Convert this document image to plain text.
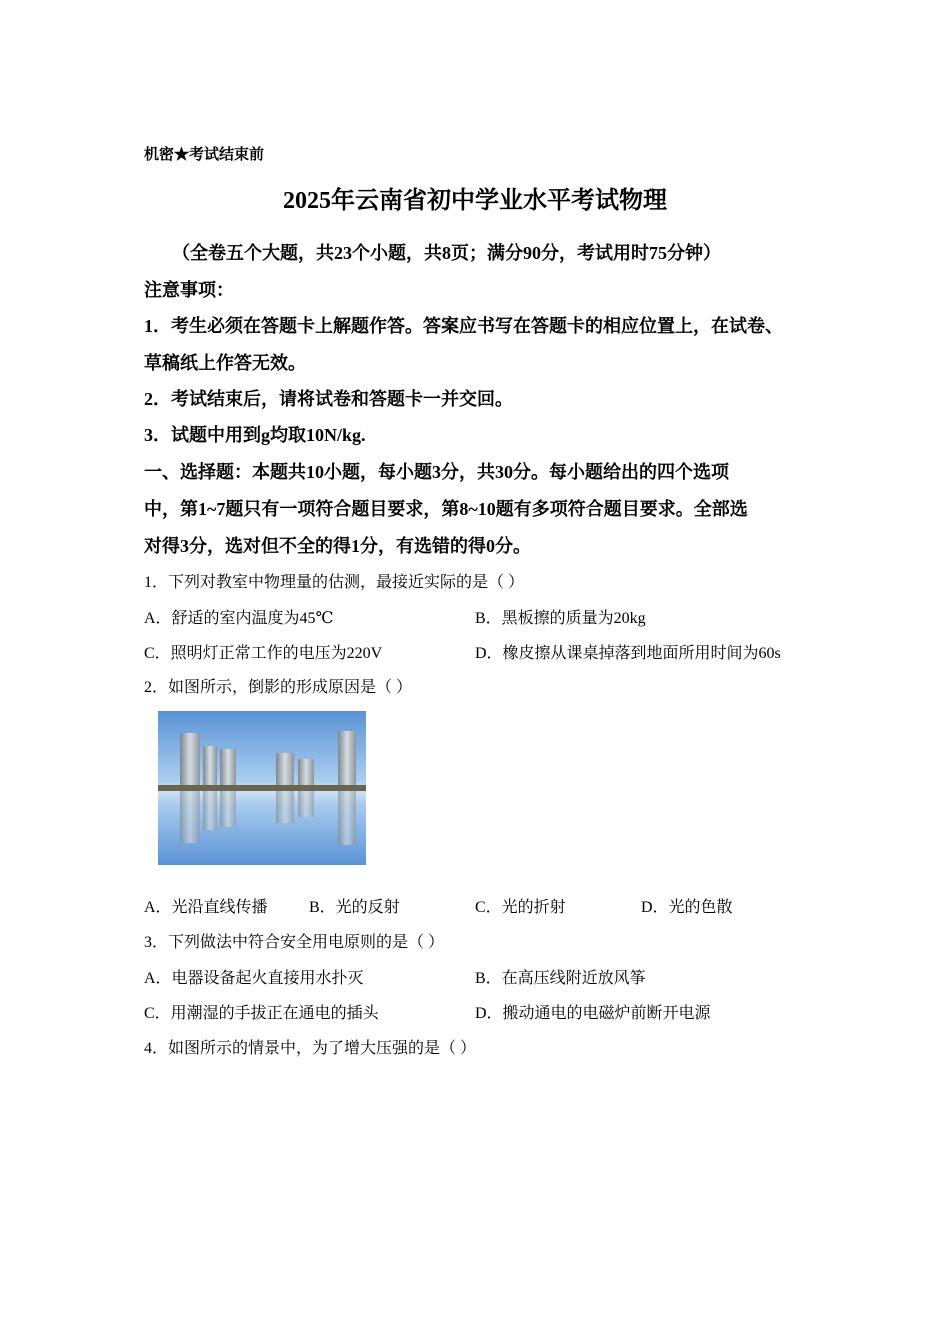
机密★考试结束前
2025年云南省初中学业水平考试物理
（全卷五个大题，共23个小题，共8页；满分90分，考试用时75分钟）
注意事项：
1．考生必须在答题卡上解题作答。答案应书写在答题卡的相应位置上，在试卷、
草稿纸上作答无效。
2．考试结束后，请将试卷和答题卡一并交回。
3．试题中用到g均取10N/kg.
一、选择题：本题共10小题，每小题3分，共30分。每小题给出的四个选项
中，第1~7题只有一项符合题目要求，第8~10题有多项符合题目要求。全部选
对得3分，选对但不全的得1分，有选错的得0分。
1．下列对教室中物理量的估测，最接近实际的是（ ）
A．舒适的室内温度为45℃	B．黑板擦的质量为20kg
C．照明灯正常工作的电压为220V	D．橡皮擦从课桌掉落到地面所用时间为60s
2．如图所示，倒影的形成原因是（ ）
A．光沿直线传播	B．光的反射	C．光的折射	D．光的色散
3．下列做法中符合安全用电原则的是（ ）
A．电器设备起火直接用水扑灭	B．在高压线附近放风筝
C．用潮湿的手拔正在通电的插头	D．搬动通电的电磁炉前断开电源
4．如图所示的情景中，为了增大压强的是（ ）
